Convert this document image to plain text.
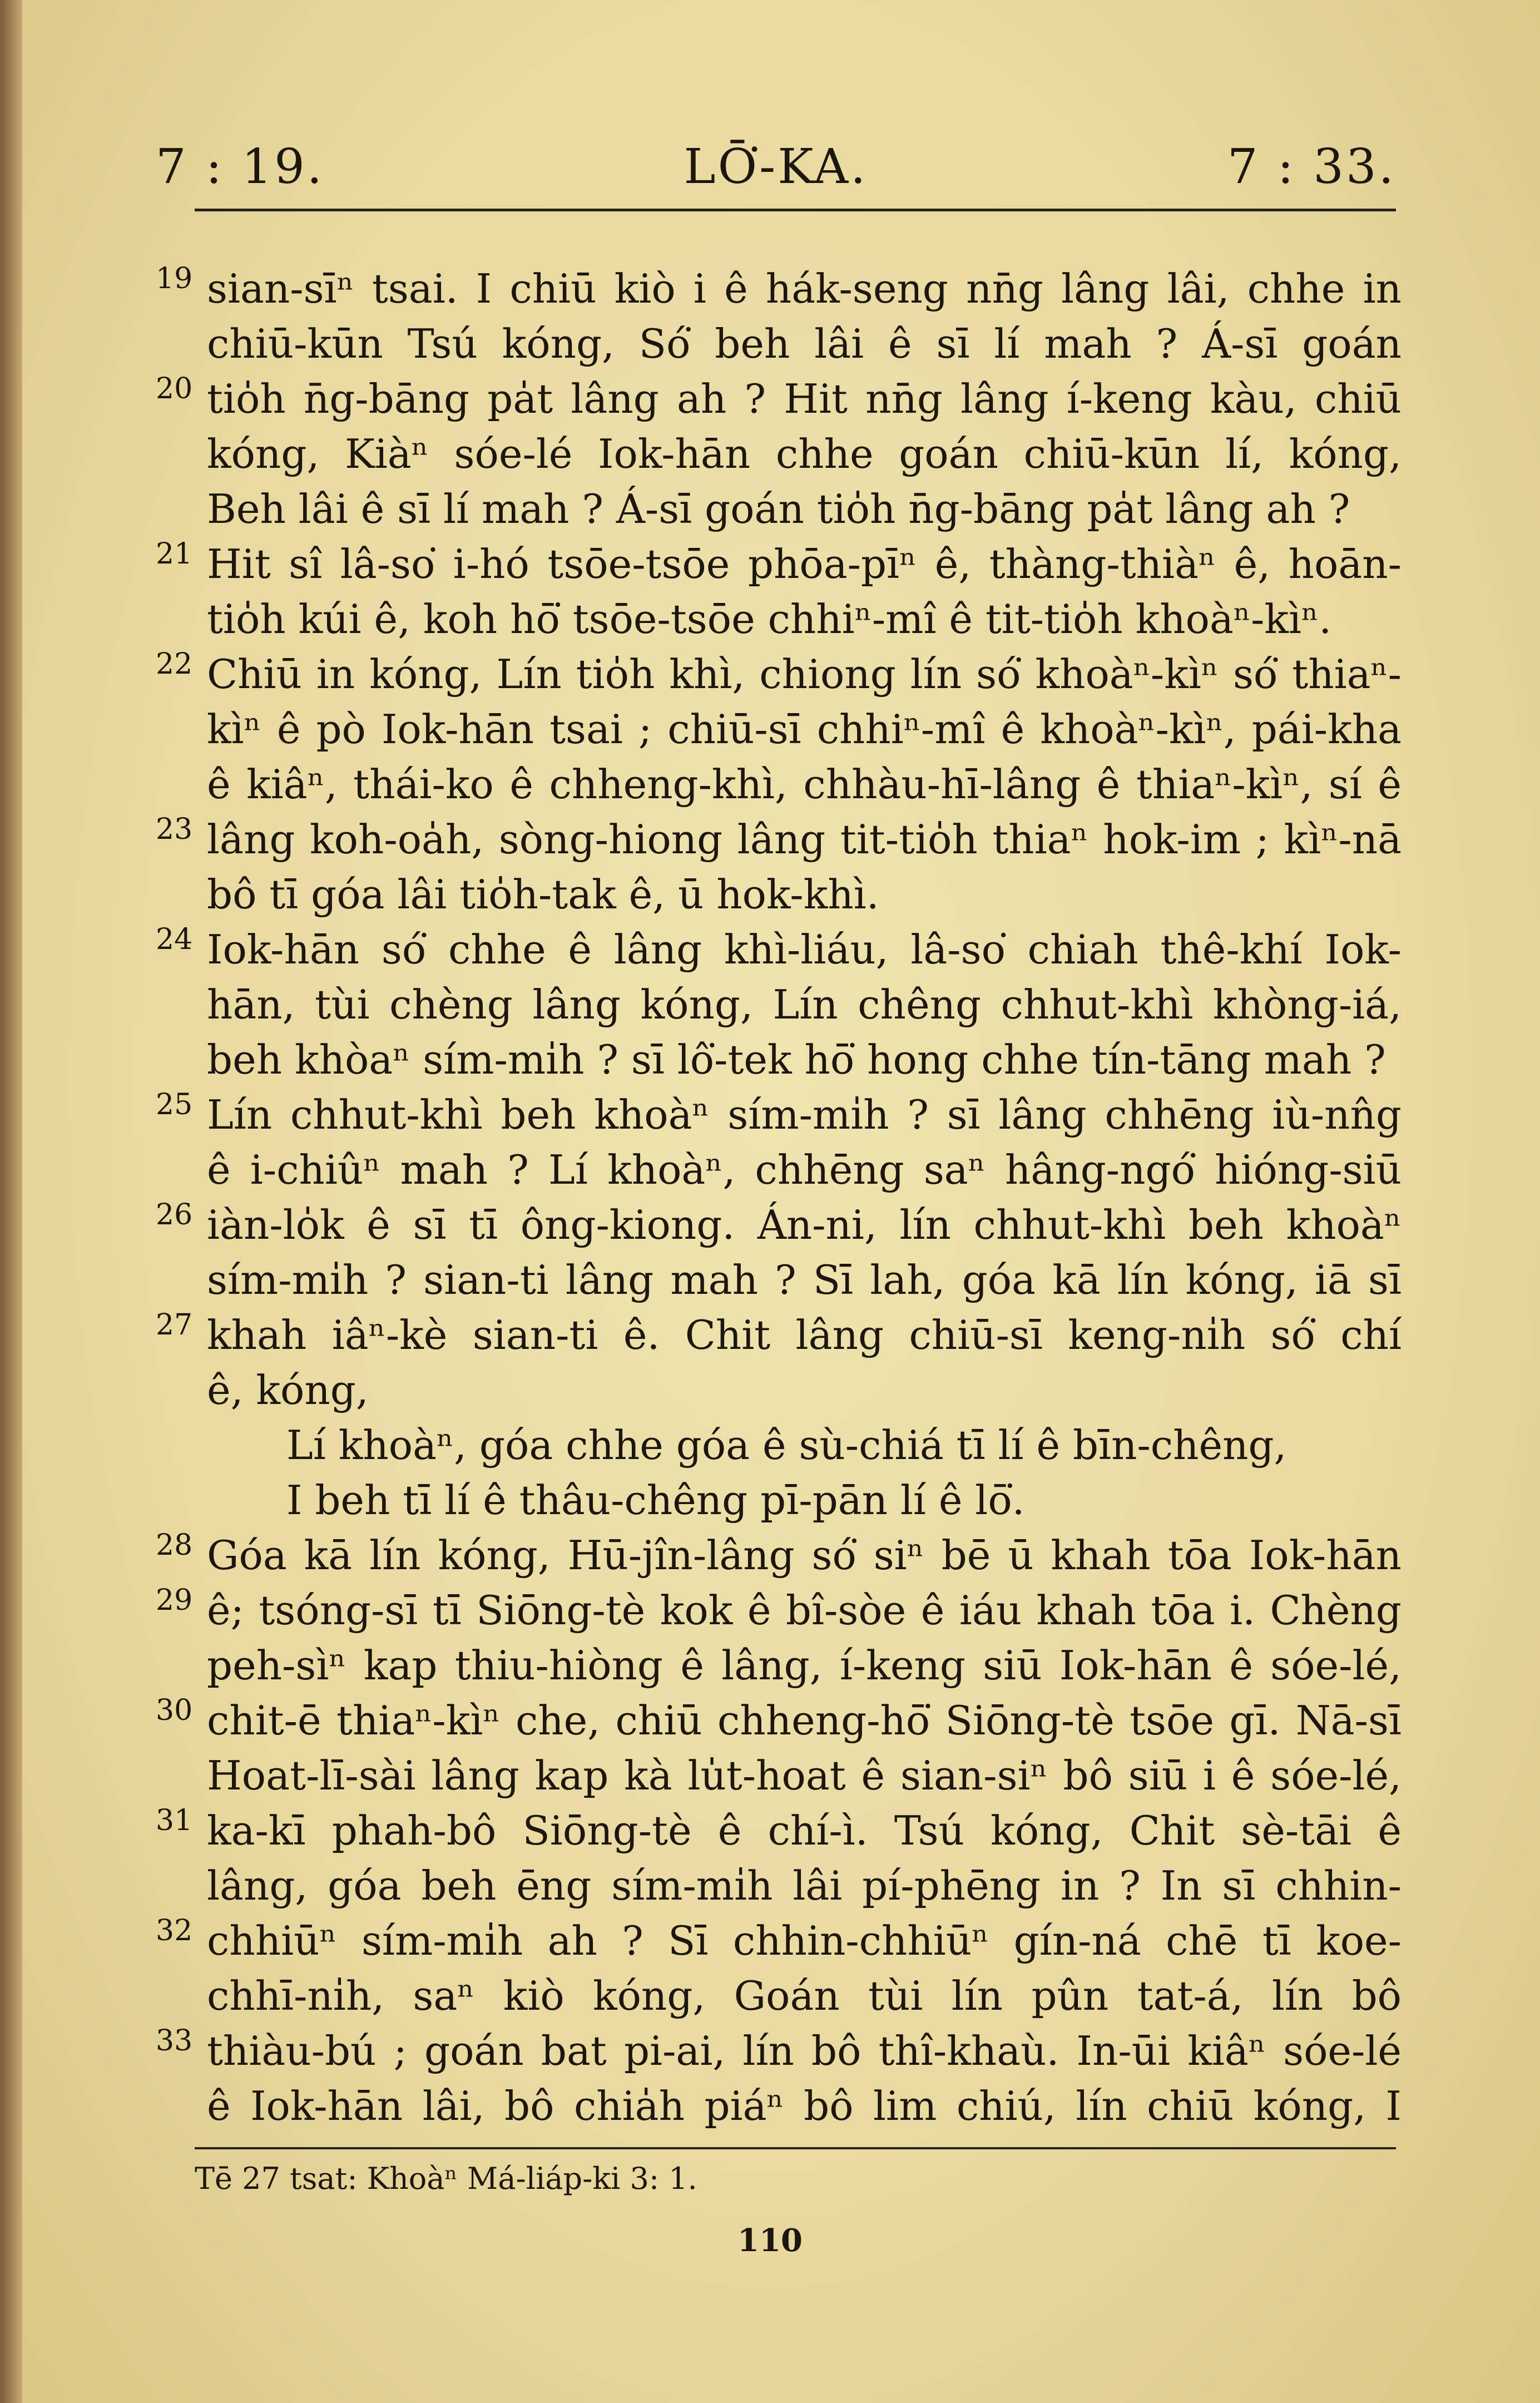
LŌ͘-KA.
7 : 19.	7 : 33.
19 sian-sīⁿ tsai. I chiū kiò i ê hák-seng nn̄g lâng lâi, chhe in
chiū-kūn Tsú kóng, Só͘ beh lâi ê sī lí mah ? Á-sī goán
20 tio̍h n̄g-bāng pa̍t lâng ah ? Hit nn̄g lâng í-keng kàu, chiū
kóng, Kiàⁿ sóe-lé Iok-hān chhe goán chiū-kūn lí, kóng,
Beh lâi ê sī lí mah ? Á-sī goán tio̍h n̄g-bāng pa̍t lâng ah ?
21 Hit sî lâ-so͘ i-hó tsōe-tsōe phōa-pīⁿ ê, thàng-thiàⁿ ê, hoān-
tio̍h kúi ê, koh hō͘ tsōe-tsōe chhiⁿ-mî ê tit-tio̍h khoàⁿ-kìⁿ.
22 Chiū in kóng, Lín tio̍h khì, chiong lín só͘ khoàⁿ-kìⁿ só͘ thiaⁿ-
kìⁿ ê pò Iok-hān tsai ; chiū-sī chhiⁿ-mî ê khoàⁿ-kìⁿ, pái-kha
ê kiâⁿ, thái-ko ê chheng-khì, chhàu-hī-lâng ê thiaⁿ-kìⁿ, sí ê
23 lâng koh-oa̍h, sòng-hiong lâng tit-tio̍h thiaⁿ hok-im ; kìⁿ-nā
bô tī góa lâi tio̍h-tak ê, ū hok-khì.
24 Iok-hān só͘ chhe ê lâng khì-liáu, lâ-so͘ chiah thê-khí Iok-
hān, tùi chèng lâng kóng, Lín chêng chhut-khì khòng-iá,
beh khòaⁿ sím-mi̍h ? sī lô͘-tek hō͘ hong chhe tín-tāng mah ?
25 Lín chhut-khì beh khoàⁿ sím-mi̍h ? sī lâng chhēng iù-nn̂g
ê i-chiûⁿ mah ? Lí khoàⁿ, chhēng saⁿ hâng-ngó͘ hióng-siū
26 iàn-lo̍k ê sī tī ông-kiong. Án-ni, lín chhut-khì beh khoàⁿ
sím-mi̍h ? sian-ti lâng mah ? Sī lah, góa kā lín kóng, iā sī
27 khah iâⁿ-kè sian-ti ê. Chit lâng chiū-sī keng-ni̍h só͘ chí
ê, kóng,
Lí khoàⁿ, góa chhe góa ê sù-chiá tī lí ê bīn-chêng,
I beh tī lí ê thâu-chêng pī-pān lí ê lō͘.
28 Góa kā lín kóng, Hū-jîn-lâng só͘ siⁿ bē ū khah tōa Iok-hān
29 ê; tsóng-sī tī Siōng-tè kok ê bî-sòe ê iáu khah tōa i. Chèng
peh-sìⁿ kap thiu-hiòng ê lâng, í-keng siū Iok-hān ê sóe-lé,
30 chit-ē thiaⁿ-kìⁿ che, chiū chheng-hō͘ Siōng-tè tsōe gī. Nā-sī
Hoat-lī-sài lâng kap kà lu̍t-hoat ê sian-siⁿ bô siū i ê sóe-lé,
31 ka-kī phah-bô Siōng-tè ê chí-ì. Tsú kóng, Chit sè-tāi ê
lâng, góa beh ēng sím-mi̍h lâi pí-phēng in ? In sī chhin-
32 chhiūⁿ sím-mi̍h ah ? Sī chhin-chhiūⁿ gín-ná chē tī koe-
chhī-ni̍h, saⁿ kiò kóng, Goán tùi lín pûn tat-á, lín bô
33 thiàu-bú ; goán bat pi-ai, lín bô thî-khaù. In-ūi kiâⁿ sóe-lé
ê Iok-hān lâi, bô chia̍h piáⁿ bô lim chiú, lín chiū kóng, I
Tē 27 tsat: Khoàⁿ Má-liáp-ki 3: 1.
110
